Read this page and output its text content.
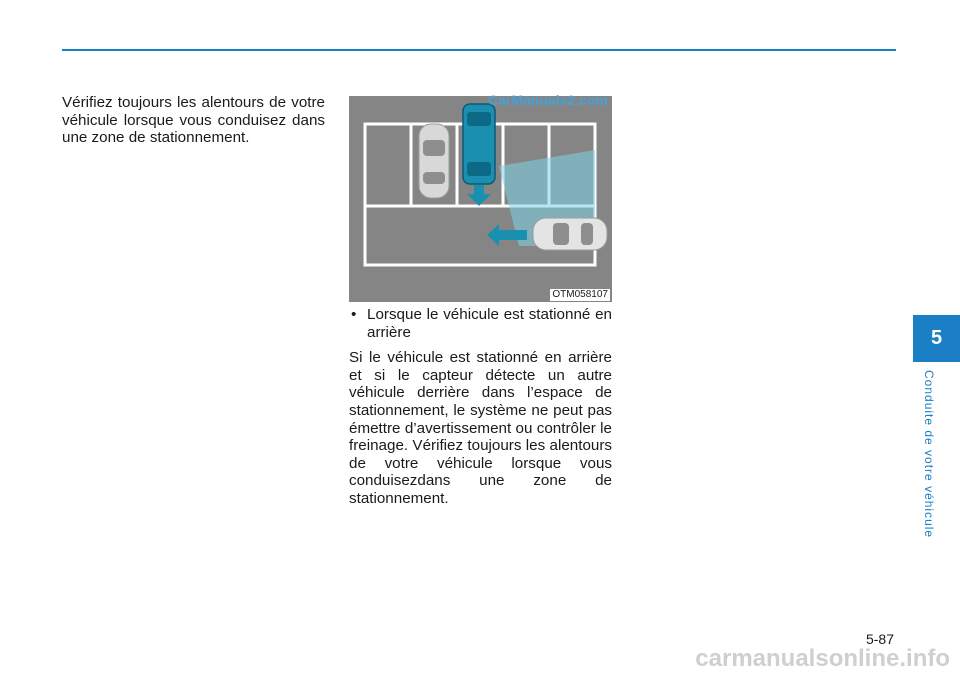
Vérifiez toujours les alentours de votre véhicule lorsque vous conduisez dans une zone de stationnement.

OTM058107
CarManuals2.com
• Lorsque le véhicule est stationné en arrière

Si le véhicule est stationné en arrière et si le capteur détecte un autre véhicule derrière dans l’espace de stationnement, le système ne peut pas émettre d’avertissement ou contrôler le freinage. Vérifiez toujours les alentours de votre véhicule lorsque vous conduisezdans une zone de stationnement.

5
Conduite de votre véhicule
5-87
carmanualsonline.info
